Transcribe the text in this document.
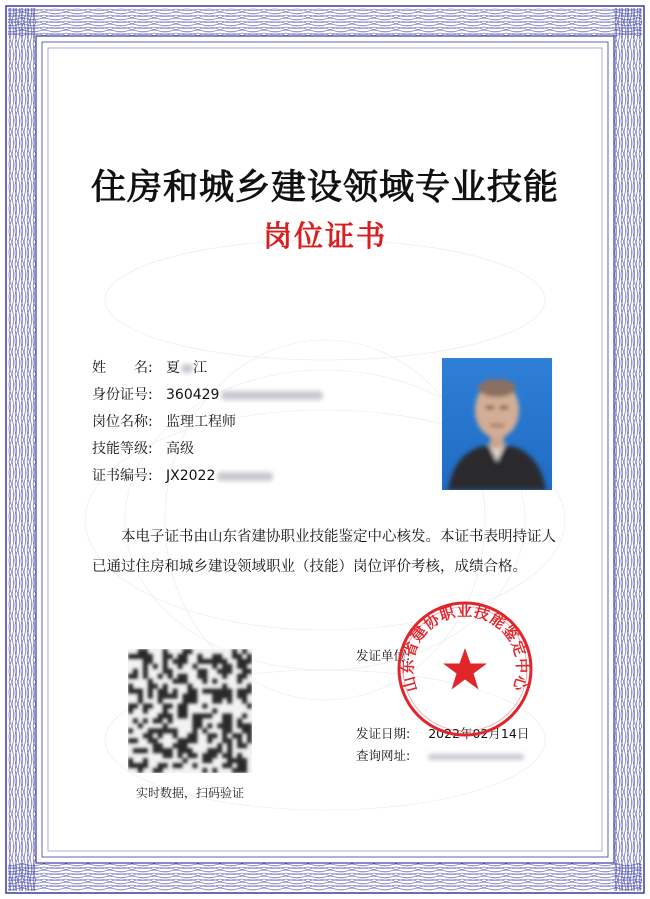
住房和城乡建设领域专业技能
岗位证书
姓　　名: 夏 江
身份证号: 360429
岗位名称: 监理工程师
技能等级: 高级
证书编号: JX2022
本电子证书由山东省建协职业技能鉴定中心核发。本证书表明持证人已通过住房和城乡建设领域职业（技能）岗位评价考核，成绩合格。
实时数据，扫码验证
发证单位:
发证日期: 2022年02月14日
查询网址:
山东省建协职业技能鉴定中心
